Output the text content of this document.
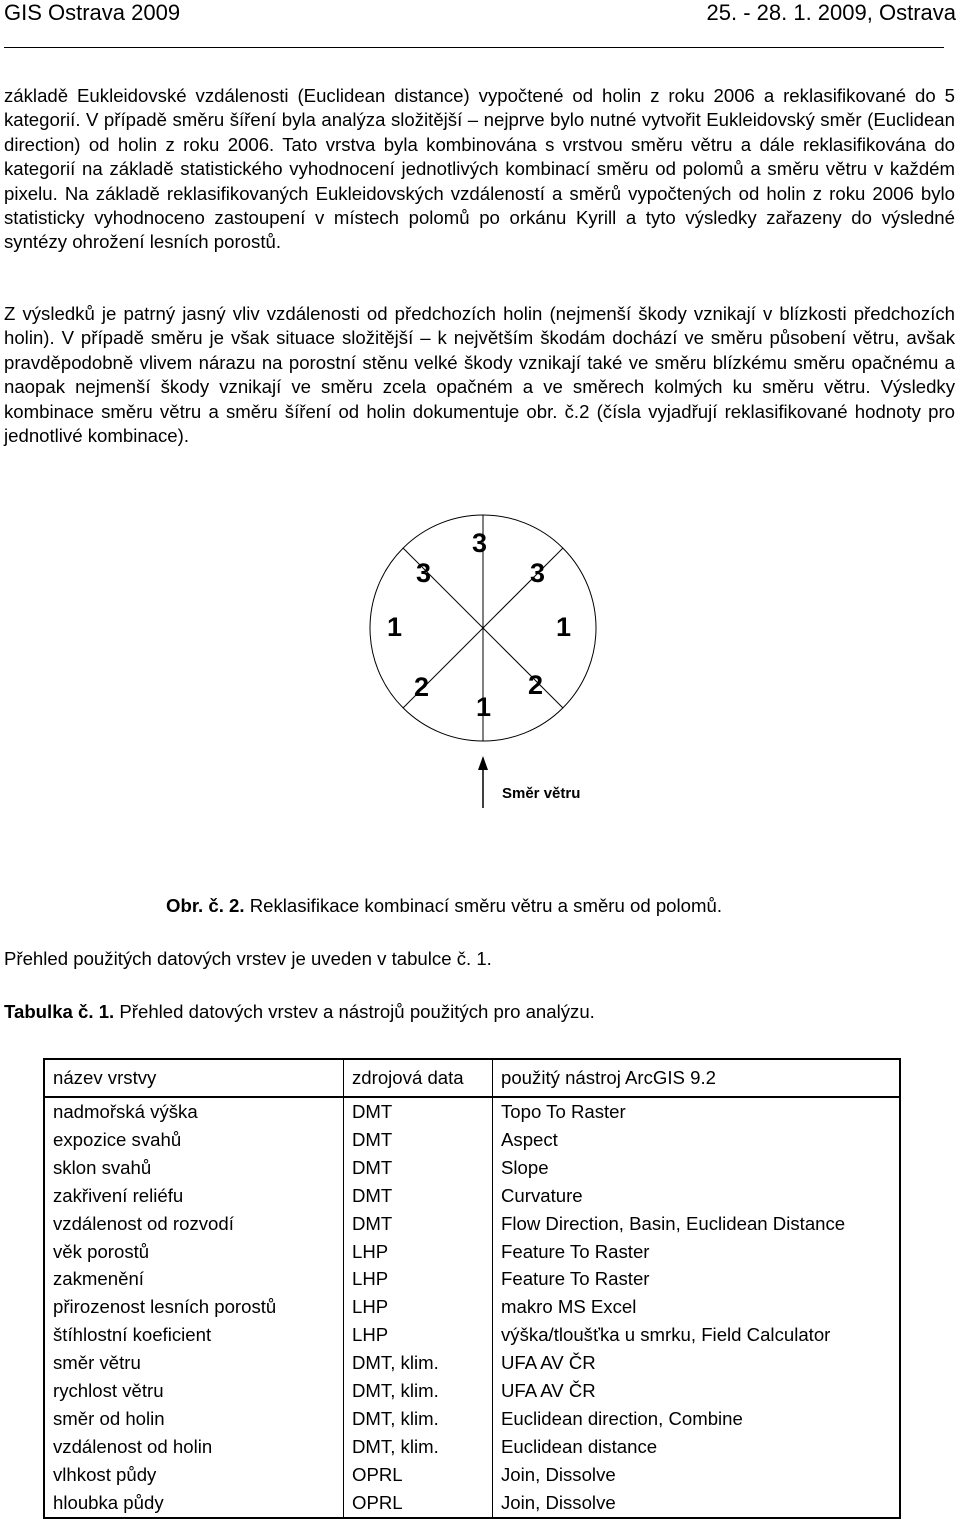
GIS Ostrava 2009	25. - 28. 1. 2009, Ostrava

základě Eukleidovské vzdálenosti (Euclidean distance) vypočtené od holin z roku 2006 a reklasifikované do 5 kategorií. V případě směru šíření byla analýza složitější – nejprve bylo nutné vytvořit Eukleidovský směr (Euclidean direction) od holin z roku 2006. Tato vrstva byla kombinována s vrstvou směru větru a dále reklasifikována do kategorií na základě statistického vyhodnocení jednotlivých kombinací směru od polomů a směru větru v každém pixelu. Na základě reklasifikovaných Eukleidovských vzdáleností a směrů vypočtených od holin z roku 2006 bylo statisticky vyhodnoceno zastoupení v místech polomů po orkánu Kyrill a tyto výsledky zařazeny do výsledné syntézy ohrožení lesních porostů.

Z výsledků je patrný jasný vliv vzdálenosti od předchozích holin (nejmenší škody vznikají v blízkosti předchozích holin). V případě směru je však situace složitější – k největším škodám dochází ve směru působení větru, avšak pravděpodobně vlivem nárazu na porostní stěnu velké škody vznikají také ve směru blízkému směru opačnému a naopak nejmenší škody vznikají ve směru zcela opačném a ve směrech kolmých ku směru větru. Výsledky kombinace směru větru a směru šíření od holin dokumentuje obr. č.2 (čísla vyjadřují reklasifikované hodnoty pro jednotlivé kombinace).

3
3	3
1	1
2	2
1
Směr větru
Obr. č. 2. Reklasifikace kombinací směru větru a směru od polomů.
Přehled použitých datových vrstev je uveden v tabulce č. 1.
Tabulka č. 1. Přehled datových vrstev a nástrojů použitých pro analýzu.
název vrstvy	zdrojová data	použitý nástroj ArcGIS 9.2
nadmořská výška	DMT	Topo To Raster
expozice svahů	DMT	Aspect
sklon svahů	DMT	Slope
zakřivení reliéfu	DMT	Curvature
vzdálenost od rozvodí	DMT	Flow Direction, Basin, Euclidean Distance
věk porostů	LHP	Feature To Raster
zakmenění	LHP	Feature To Raster
přirozenost lesních porostů	LHP	makro MS Excel
štíhlostní koeficient	LHP	výška/tloušťka u smrku, Field Calculator
směr větru	DMT, klim.	UFA AV ČR
rychlost větru	DMT, klim.	UFA AV ČR
směr od holin	DMT, klim.	Euclidean direction, Combine
vzdálenost od holin	DMT, klim.	Euclidean distance
vlhkost půdy	OPRL	Join, Dissolve
hloubka půdy	OPRL	Join, Dissolve
